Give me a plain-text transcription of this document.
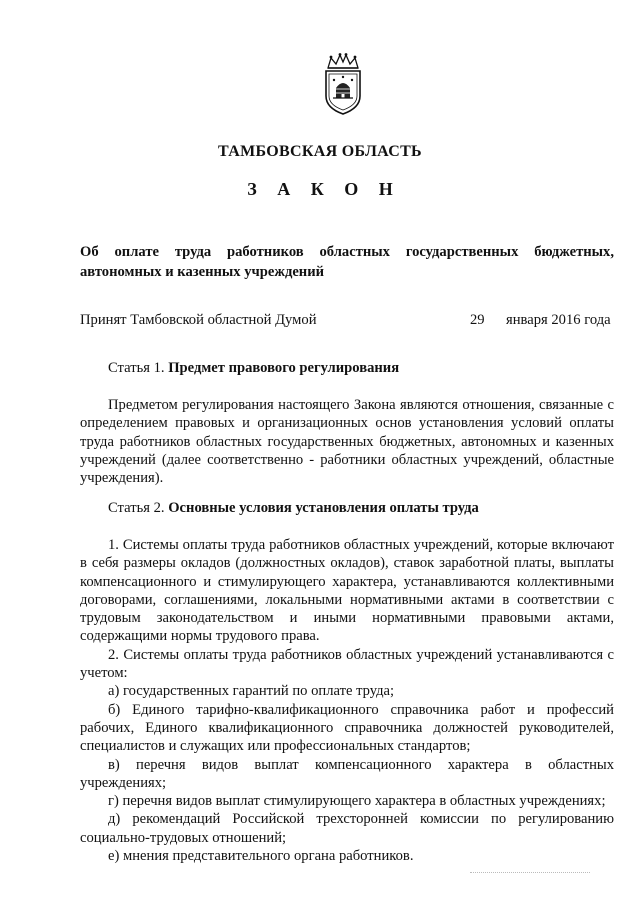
ТАМБОВСКАЯ ОБЛАСТЬ
З А К О Н
Об оплате труда работников областных государственных бюджетных, автономных и казенных учреждений
Принят Тамбовской областной Думой	29 января 2016 года
Статья 1. Предмет правового регулирования

Предметом регулирования настоящего Закона являются отношения, связанные с определением правовых и организационных основ установления условий оплаты труда работников областных государственных бюджетных, автономных и казенных учреждений (далее соответственно - работники областных учреждений, областные учреждения).

Статья 2. Основные условия установления оплаты труда

1. Системы оплаты труда работников областных учреждений, которые включают в себя размеры окладов (должностных окладов), ставок заработной платы, выплаты компенсационного и стимулирующего характера, устанавливаются коллективными договорами, соглашениями, локальными нормативными актами в соответствии с трудовым законодательством и иными нормативными правовыми актами, содержащими нормы трудового права.

2. Системы оплаты труда работников областных учреждений устанавливаются с учетом:

а) государственных гарантий по оплате труда;

б) Единого тарифно-квалификационного справочника работ и профессий рабочих, Единого квалификационного справочника должностей руководителей, специалистов и служащих или профессиональных стандартов;

в) перечня видов выплат компенсационного характера в областных учреждениях;

г) перечня видов выплат стимулирующего характера в областных учреждениях;

д) рекомендаций Российской трехсторонней комиссии по регулированию социально-трудовых отношений;

е) мнения представительного органа работников.
